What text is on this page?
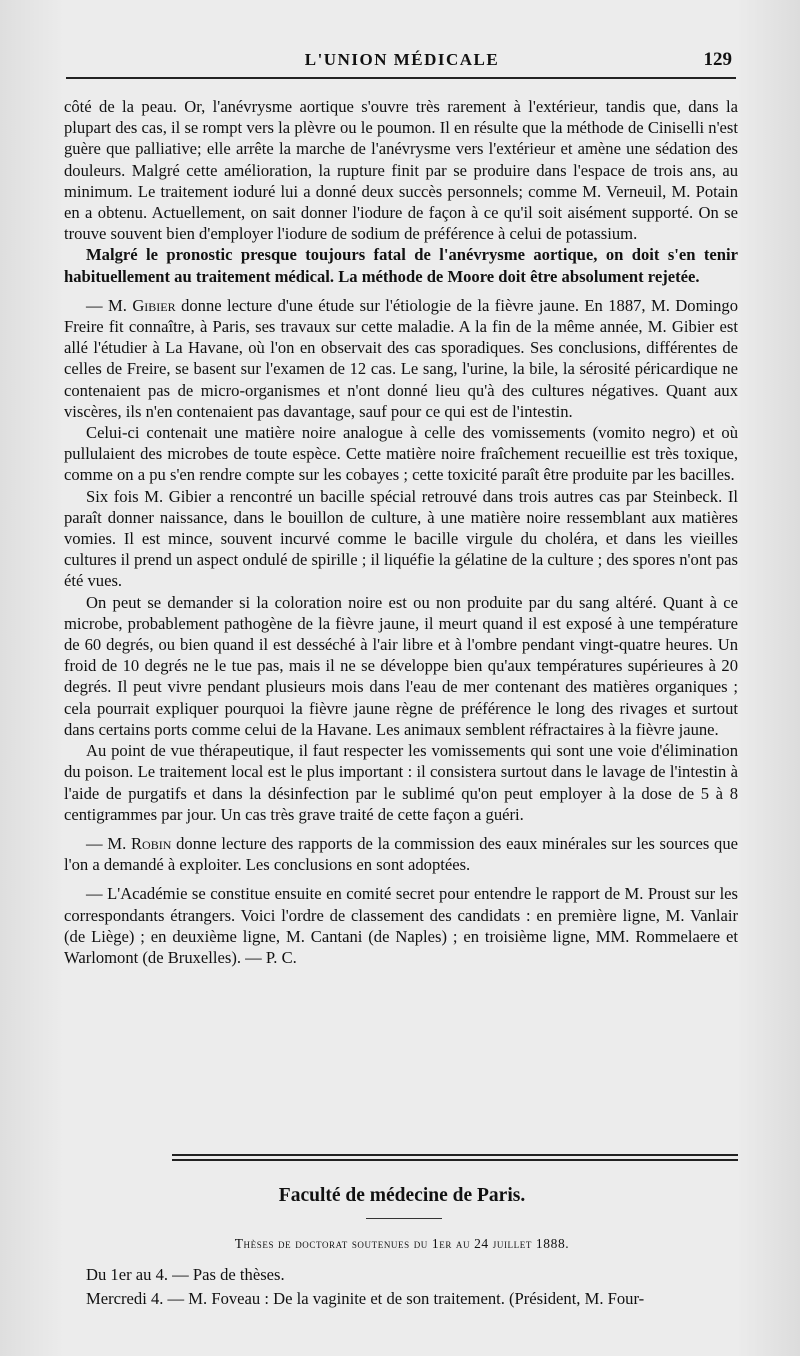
L'UNION MÉDICALE	129

côté de la peau. Or, l'anévrysme aortique s'ouvre très rarement à l'extérieur, tandis que, dans la plupart des cas, il se rompt vers la plèvre ou le poumon. Il en résulte que la méthode de Ciniselli n'est guère que palliative; elle arrête la marche de l'anévrysme vers l'extérieur et amène une sédation des douleurs. Malgré cette amélioration, la rupture finit par se produire dans l'espace de trois ans, au minimum. Le traitement ioduré lui a donné deux succès personnels; comme M. Verneuil, M. Potain en a obtenu. Actuellement, on sait donner l'iodure de façon à ce qu'il soit aisément supporté. On se trouve souvent bien d'employer l'iodure de sodium de préférence à celui de potassium.

Malgré le pronostic presque toujours fatal de l'anévrysme aortique, on doit s'en tenir habituellement au traitement médical. La méthode de Moore doit être absolument rejetée.

— M. Gibier donne lecture d'une étude sur l'étiologie de la fièvre jaune. En 1887, M. Domingo Freire fit connaître, à Paris, ses travaux sur cette maladie. A la fin de la même année, M. Gibier est allé l'étudier à La Havane, où l'on en observait des cas sporadiques. Ses conclusions, différentes de celles de Freire, se basent sur l'examen de 12 cas. Le sang, l'urine, la bile, la sérosité péricardique ne contenaient pas de micro-organismes et n'ont donné lieu qu'à des cultures négatives. Quant aux viscères, ils n'en contenaient pas davantage, sauf pour ce qui est de l'intestin.

Celui-ci contenait une matière noire analogue à celle des vomissements (vomito negro) et où pullulaient des microbes de toute espèce. Cette matière noire fraîchement recueillie est très toxique, comme on a pu s'en rendre compte sur les cobayes ; cette toxicité paraît être produite par les bacilles.

Six fois M. Gibier a rencontré un bacille spécial retrouvé dans trois autres cas par Steinbeck. Il paraît donner naissance, dans le bouillon de culture, à une matière noire ressemblant aux matières vomies. Il est mince, souvent incurvé comme le bacille virgule du choléra, et dans les vieilles cultures il prend un aspect ondulé de spirille ; il liquéfie la gélatine de la culture ; des spores n'ont pas été vues.

On peut se demander si la coloration noire est ou non produite par du sang altéré. Quant à ce microbe, probablement pathogène de la fièvre jaune, il meurt quand il est exposé à une température de 60 degrés, ou bien quand il est desséché à l'air libre et à l'ombre pendant vingt-quatre heures. Un froid de 10 degrés ne le tue pas, mais il ne se développe bien qu'aux températures supérieures à 20 degrés. Il peut vivre pendant plusieurs mois dans l'eau de mer contenant des matières organiques ; cela pourrait expliquer pourquoi la fièvre jaune règne de préférence le long des rivages et surtout dans certains ports comme celui de la Havane. Les animaux semblent réfractaires à la fièvre jaune.

Au point de vue thérapeutique, il faut respecter les vomissements qui sont une voie d'élimination du poison. Le traitement local est le plus important : il consistera surtout dans le lavage de l'intestin à l'aide de purgatifs et dans la désinfection par le sublimé qu'on peut employer à la dose de 5 à 8 centigrammes par jour. Un cas très grave traité de cette façon a guéri.

— M. Robin donne lecture des rapports de la commission des eaux minérales sur les sources que l'on a demandé à exploiter. Les conclusions en sont adoptées.

— L'Académie se constitue ensuite en comité secret pour entendre le rapport de M. Proust sur les correspondants étrangers. Voici l'ordre de classement des candidats : en première ligne, M. Vanlair (de Liège) ; en deuxième ligne, M. Cantani (de Naples) ; en troisième ligne, MM. Rommelaere et Warlomont (de Bruxelles). — P. C.

Faculté de médecine de Paris.
Thèses de doctorat soutenues du 1er au 24 juillet 1888.
Du 1er au 4. — Pas de thèses.
Mercredi 4. — M. Foveau : De la vaginite et de son traitement. (Président, M. Four-
